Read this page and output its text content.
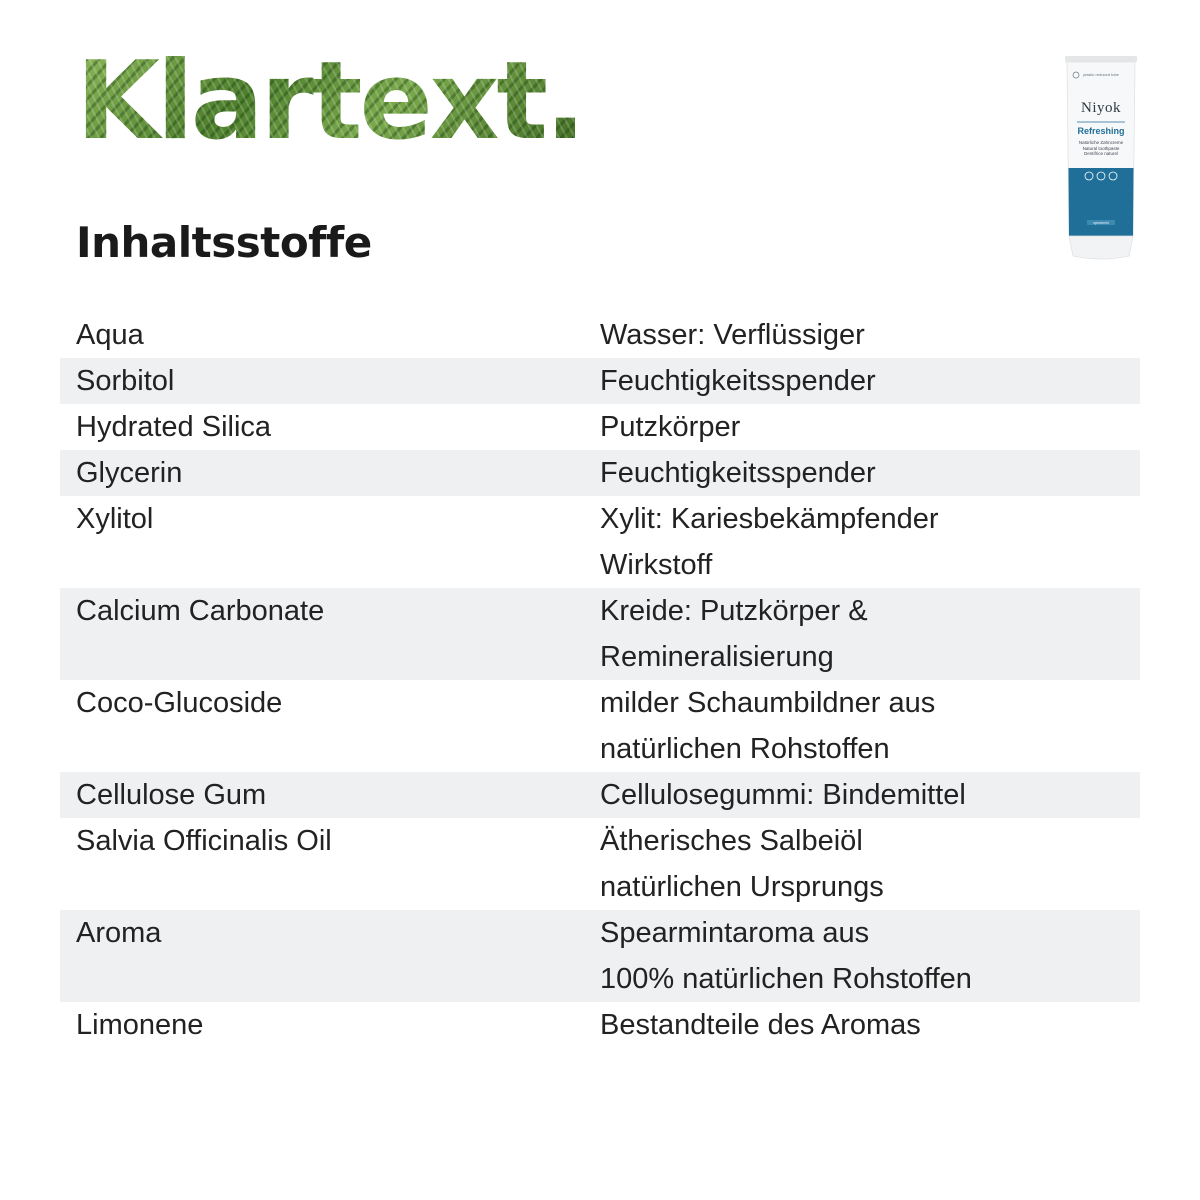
Klartext.
Inhaltsstoffe
plastic reduced tube
Niyok
Refreshing
Natürliche Zahncreme
Natural toothpaste
Dentifrice naturel
spearmint
Aqua	Wasser: Verflüssiger
Sorbitol	Feuchtigkeitsspender
Hydrated Silica	Putzkörper
Glycerin	Feuchtigkeitsspender
Xylitol	Xylit: Kariesbekämpfender
Wirkstoff
Calcium Carbonate	Kreide: Putzkörper &
Remineralisierung
Coco-Glucoside	milder Schaumbildner aus
natürlichen Rohstoffen
Cellulose Gum	Cellulosegummi: Bindemittel
Salvia Officinalis Oil	Ätherisches Salbeiöl
natürlichen Ursprungs
Aroma	Spearmintaroma aus
100% natürlichen Rohstoffen
Limonene	Bestandteile des Aromas
